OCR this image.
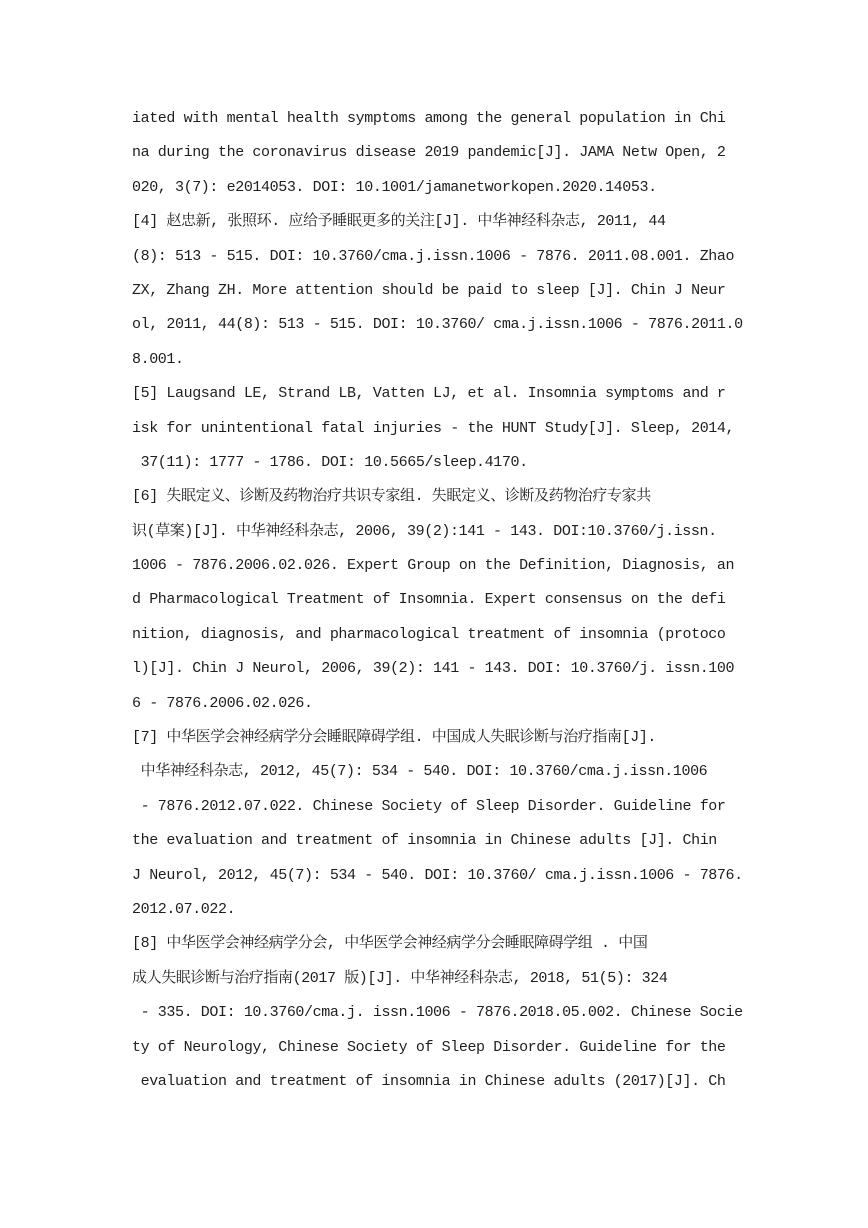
iated with mental health symptoms among the general population in Chi
na during the coronavirus disease 2019 pandemic[J]. JAMA Netw Open, 2
020, 3(7): e2014053. DOI: 10.1001/jamanetworkopen.2020.14053.
[4] 赵忠新, 张照环. 应给予睡眠更多的关注[J]. 中华神经科杂志, 2011, 44
(8): 513 - 515. DOI: 10.3760/cma.j.issn.1006 - 7876. 2011.08.001. Zhao
ZX, Zhang ZH. More attention should be paid to sleep [J]. Chin J Neur
ol, 2011, 44(8): 513 - 515. DOI: 10.3760/ cma.j.issn.1006 - 7876.2011.0
8.001.
[5] Laugsand LE, Strand LB, Vatten LJ, et al. Insomnia symptoms and r
isk for unintentional fatal injuries - the HUNT Study[J]. Sleep, 2014,
37(11): 1777 - 1786. DOI: 10.5665/sleep.4170.
[6] 失眠定义、诊断及药物治疗共识专家组. 失眠定义、诊断及药物治疗专家共
识(草案)[J]. 中华神经科杂志, 2006, 39(2):141 - 143. DOI:10.3760/j.issn.
1006 - 7876.2006.02.026. Expert Group on the Definition, Diagnosis, an
d Pharmacological Treatment of Insomnia. Expert consensus on the defi
nition, diagnosis, and pharmacological treatment of insomnia (protoco
l)[J]. Chin J Neurol, 2006, 39(2): 141 - 143. DOI: 10.3760/j. issn.100
6 - 7876.2006.02.026.
[7] 中华医学会神经病学分会睡眠障碍学组. 中国成人失眠诊断与治疗指南[J].
中华神经科杂志, 2012, 45(7): 534 - 540. DOI: 10.3760/cma.j.issn.1006
- 7876.2012.07.022. Chinese Society of Sleep Disorder. Guideline for
the evaluation and treatment of insomnia in Chinese adults [J]. Chin
J Neurol, 2012, 45(7): 534 - 540. DOI: 10.3760/ cma.j.issn.1006 - 7876.
2012.07.022.
[8] 中华医学会神经病学分会, 中华医学会神经病学分会睡眠障碍学组 . 中国
成人失眠诊断与治疗指南(2017 版)[J]. 中华神经科杂志, 2018, 51(5): 324
- 335. DOI: 10.3760/cma.j. issn.1006 - 7876.2018.05.002. Chinese Socie
ty of Neurology, Chinese Society of Sleep Disorder. Guideline for the
evaluation and treatment of insomnia in Chinese adults (2017)[J]. Ch
